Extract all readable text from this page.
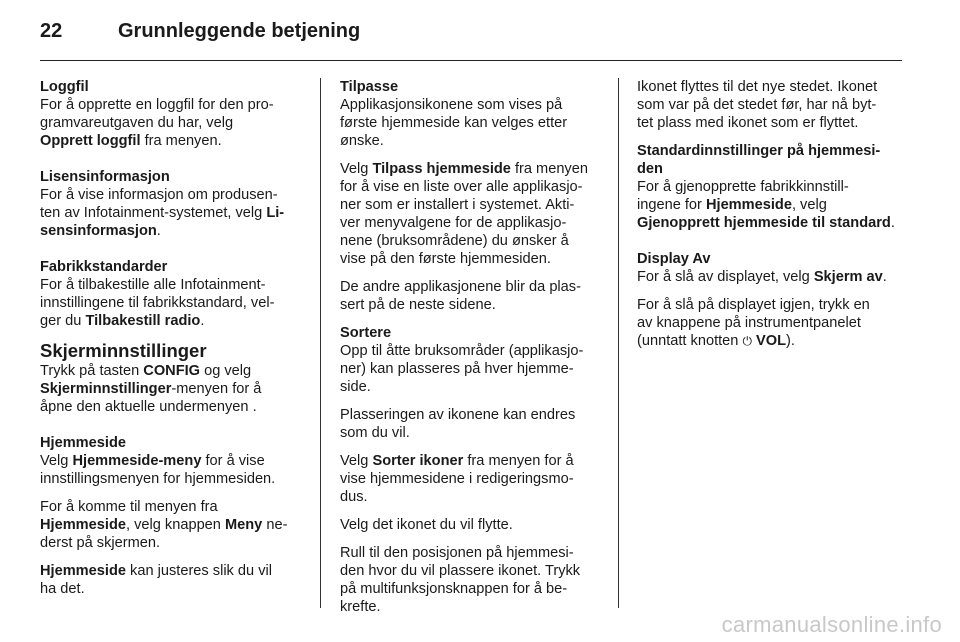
22	Grunnleggende betjening

Loggfil

For å opprette en loggfil for den pro-
gramvareutgaven du har, velg
Opprett loggfil fra menyen.

Lisensinformasjon

For å vise informasjon om produsen-
ten av Infotainment-systemet, velg Li-
sensinformasjon.

Fabrikkstandarder

For å tilbakestille alle Infotainment-
innstillingene til fabrikkstandard, vel-
ger du Tilbakestill radio.

Skjerminnstillinger

Trykk på tasten CONFIG og velg
Skjerminnstillinger-menyen for å
åpne den aktuelle undermenyen .

Hjemmeside

Velg Hjemmeside-meny for å vise
innstillingsmenyen for hjemmesiden.

For å komme til menyen fra
Hjemmeside, velg knappen Meny ne-
derst på skjermen.

Hjemmeside kan justeres slik du vil
ha det.

Tilpasse

Applikasjonsikonene som vises på
første hjemmeside kan velges etter
ønske.

Velg Tilpass hjemmeside fra menyen
for å vise en liste over alle applikasjo-
ner som er installert i systemet. Akti-
ver menyvalgene for de applikasjo-
nene (bruksområdene) du ønsker å
vise på den første hjemmesiden.

De andre applikasjonene blir da plas-
sert på de neste sidene.

Sortere

Opp til åtte bruksområder (applikasjo-
ner) kan plasseres på hver hjemme-
side.

Plasseringen av ikonene kan endres
som du vil.

Velg Sorter ikoner fra menyen for å
vise hjemmesidene i redigeringsmo-
dus.

Velg det ikonet du vil flytte.

Rull til den posisjonen på hjemmesi-
den hvor du vil plassere ikonet. Trykk
på multifunksjonsknappen for å be-
krefte.

Ikonet flyttes til det nye stedet. Ikonet
som var på det stedet før, har nå byt-
tet plass med ikonet som er flyttet.

Standardinnstillinger på hjemmesi-
den

For å gjenopprette fabrikkinnstill-
ingene for Hjemmeside, velg
Gjenopprett hjemmeside til standard.

Display Av

For å slå av displayet, velg Skjerm av.

For å slå på displayet igjen, trykk en
av knappene på instrumentpanelet
(unntatt knotten ⏻ VOL).

carmanualsonline.info
